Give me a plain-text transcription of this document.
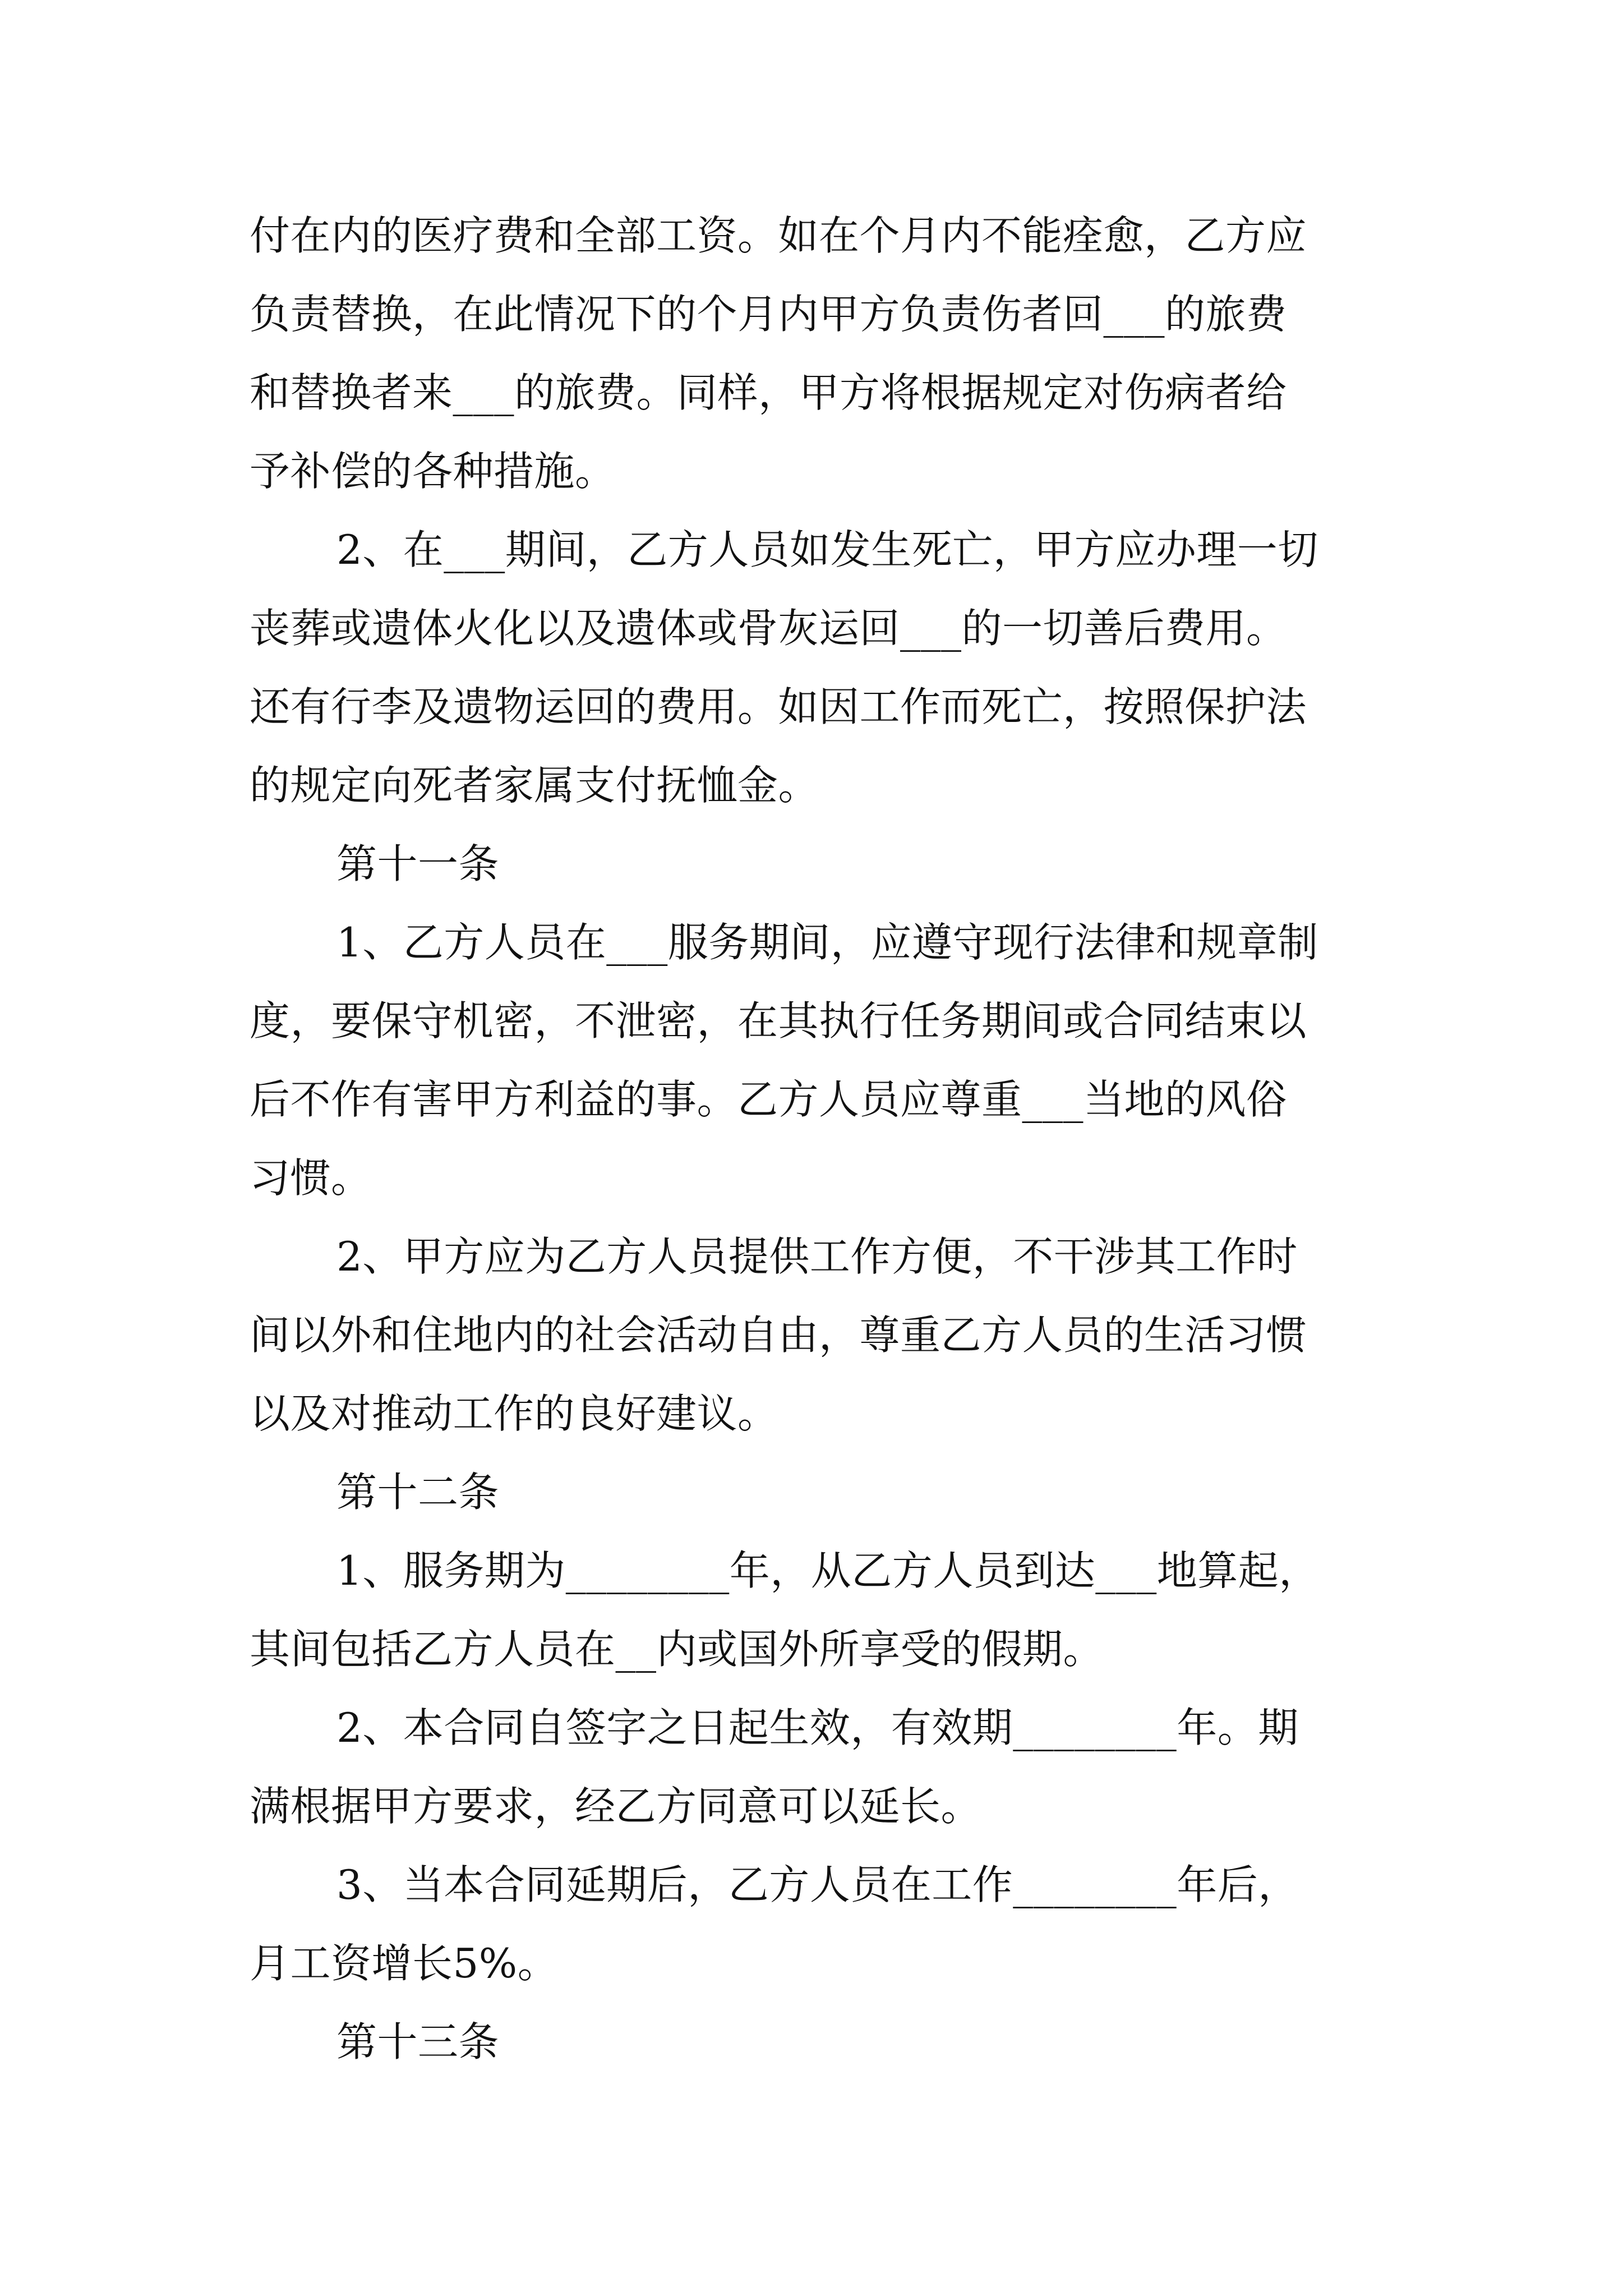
付在内的医疗费和全部工资。如在个月内不能痊愈，乙方应
负责替换，在此情况下的个月内甲方负责伤者回___的旅费
和替换者来___的旅费。同样，甲方将根据规定对伤病者给
予补偿的各种措施。
2、在___期间，乙方人员如发生死亡，甲方应办理一切
丧葬或遗体火化以及遗体或骨灰运回___的一切善后费用。
还有行李及遗物运回的费用。如因工作而死亡，按照保护法
的规定向死者家属支付抚恤金。
第十一条
1、乙方人员在___服务期间，应遵守现行法律和规章制
度，要保守机密，不泄密，在其执行任务期间或合同结束以
后不作有害甲方利益的事。乙方人员应尊重___当地的风俗
习惯。
2、甲方应为乙方人员提供工作方便，不干涉其工作时
间以外和住地内的社会活动自由，尊重乙方人员的生活习惯
以及对推动工作的良好建议。
第十二条
1、服务期为________年，从乙方人员到达___地算起，
其间包括乙方人员在__内或国外所享受的假期。
2、本合同自签字之日起生效，有效期________年。期
满根据甲方要求，经乙方同意可以延长。
3、当本合同延期后，乙方人员在工作________年后，
月工资增长5%。
第十三条
